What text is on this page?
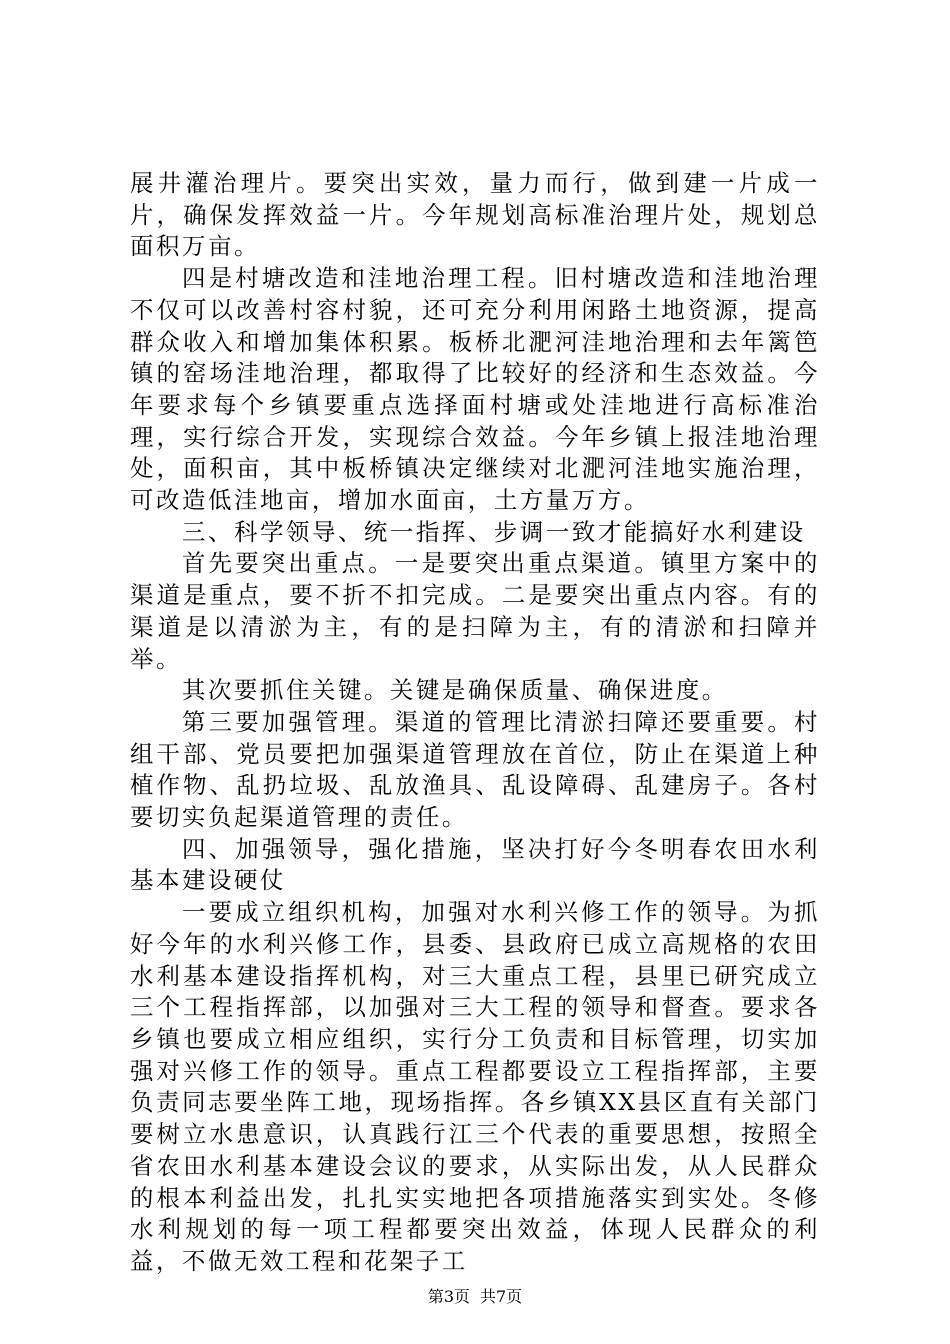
展井灌治理片。要突出实效，量力而行，做到建一片成一片，确保发挥效益一片。今年规划高标准治理片处，规划总面积万亩。

四是村塘改造和洼地治理工程。旧村塘改造和洼地治理不仅可以改善村容村貌，还可充分利用闲路土地资源，提高群众收入和增加集体积累。板桥北淝河洼地治理和去年篱笆镇的窑场洼地治理，都取得了比较好的经济和生态效益。今年要求每个乡镇要重点选择面村塘或处洼地进行高标准治理，实行综合开发，实现综合效益。今年乡镇上报洼地治理处，面积亩，其中板桥镇决定继续对北淝河洼地实施治理，可改造低洼地亩，增加水面亩，土方量万方。

三、科学领导、统一指挥、步调一致才能搞好水利建设

首先要突出重点。一是要突出重点渠道。镇里方案中的渠道是重点，要不折不扣完成。二是要突出重点内容。有的渠道是以清淤为主，有的是扫障为主，有的清淤和扫障并举。

其次要抓住关键。关键是确保质量、确保进度。

第三要加强管理。渠道的管理比清淤扫障还要重要。村组干部、党员要把加强渠道管理放在首位，防止在渠道上种植作物、乱扔垃圾、乱放渔具、乱设障碍、乱建房子。各村要切实负起渠道管理的责任。

四、加强领导，强化措施，坚决打好今冬明春农田水利基本建设硬仗

一要成立组织机构，加强对水利兴修工作的领导。为抓好今年的水利兴修工作，县委、县政府已成立高规格的农田水利基本建设指挥机构，对三大重点工程，县里已研究成立三个工程指挥部，以加强对三大工程的领导和督查。要求各乡镇也要成立相应组织，实行分工负责和目标管理，切实加强对兴修工作的领导。重点工程都要设立工程指挥部，主要负责同志要坐阵工地，现场指挥。各乡镇XX县区直有关部门要树立水患意识，认真践行江三个代表的重要思想，按照全省农田水利基本建设会议的要求，从实际出发，从人民群众的根本利益出发，扎扎实实地把各项措施落实到实处。冬修水利规划的每一项工程都要突出效益，体现人民群众的利益，不做无效工程和花架子工

第3页 共7页
